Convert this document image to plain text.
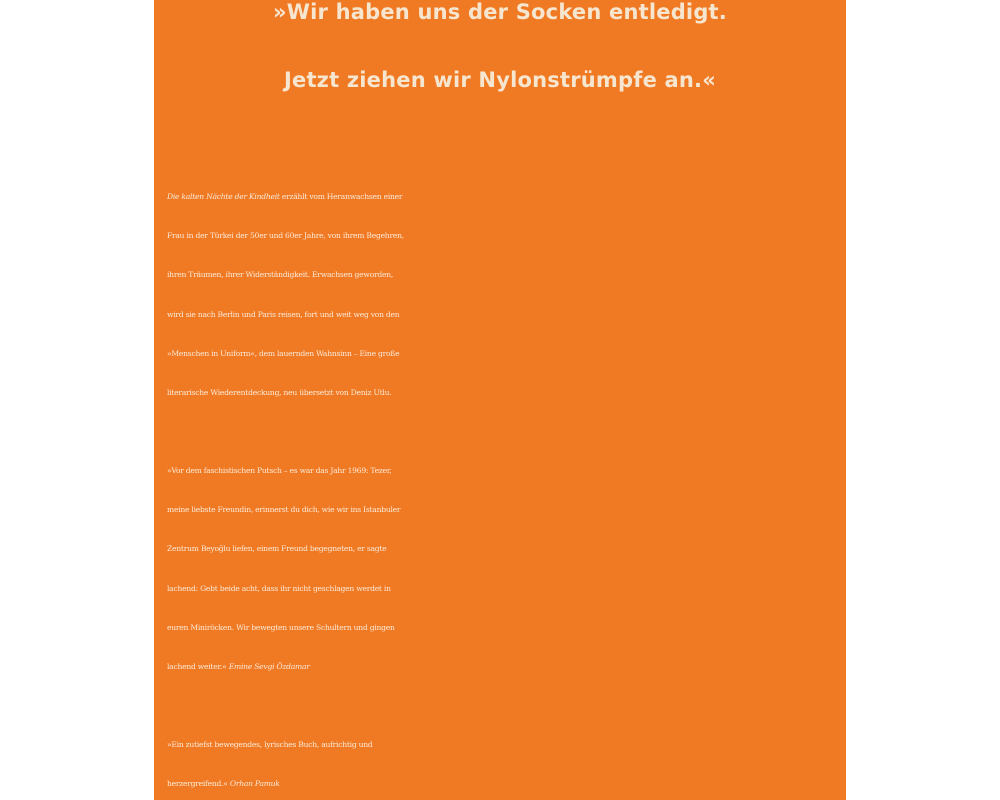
»Wir haben uns der Socken entledigt.
Jetzt ziehen wir Nylonstrümpfe an.«
Die kalten Nächte der Kindheit erzählt vom Heranwachsen einer
Frau in der Türkei der 50er und 60er Jahre, von ihrem Begehren,
ihren Träumen, ihrer Widerständigkeit. Erwachsen geworden,
wird sie nach Berlin und Paris reisen, fort und weit weg von den
»Menschen in Uniform«, dem lauernden Wahnsinn – Eine große
literarische Wiederentdeckung, neu übersetzt von Deniz Utlu.
»Vor dem faschistischen Putsch – es war das Jahr 1969: Tezer,
meine liebste Freundin, erinnerst du dich, wie wir ins Istanbuler
Zentrum Beyoğlu liefen, einem Freund begegneten, er sagte
lachend: Gebt beide acht, dass ihr nicht geschlagen werdet in
euren Miniröcken. Wir bewegten unsere Schultern und gingen
lachend weiter.« Emine Sevgi Özdamar
»Ein zutiefst bewegendes, lyrisches Buch, aufrichtig und
herzergreifend.« Orhan Pamuk
